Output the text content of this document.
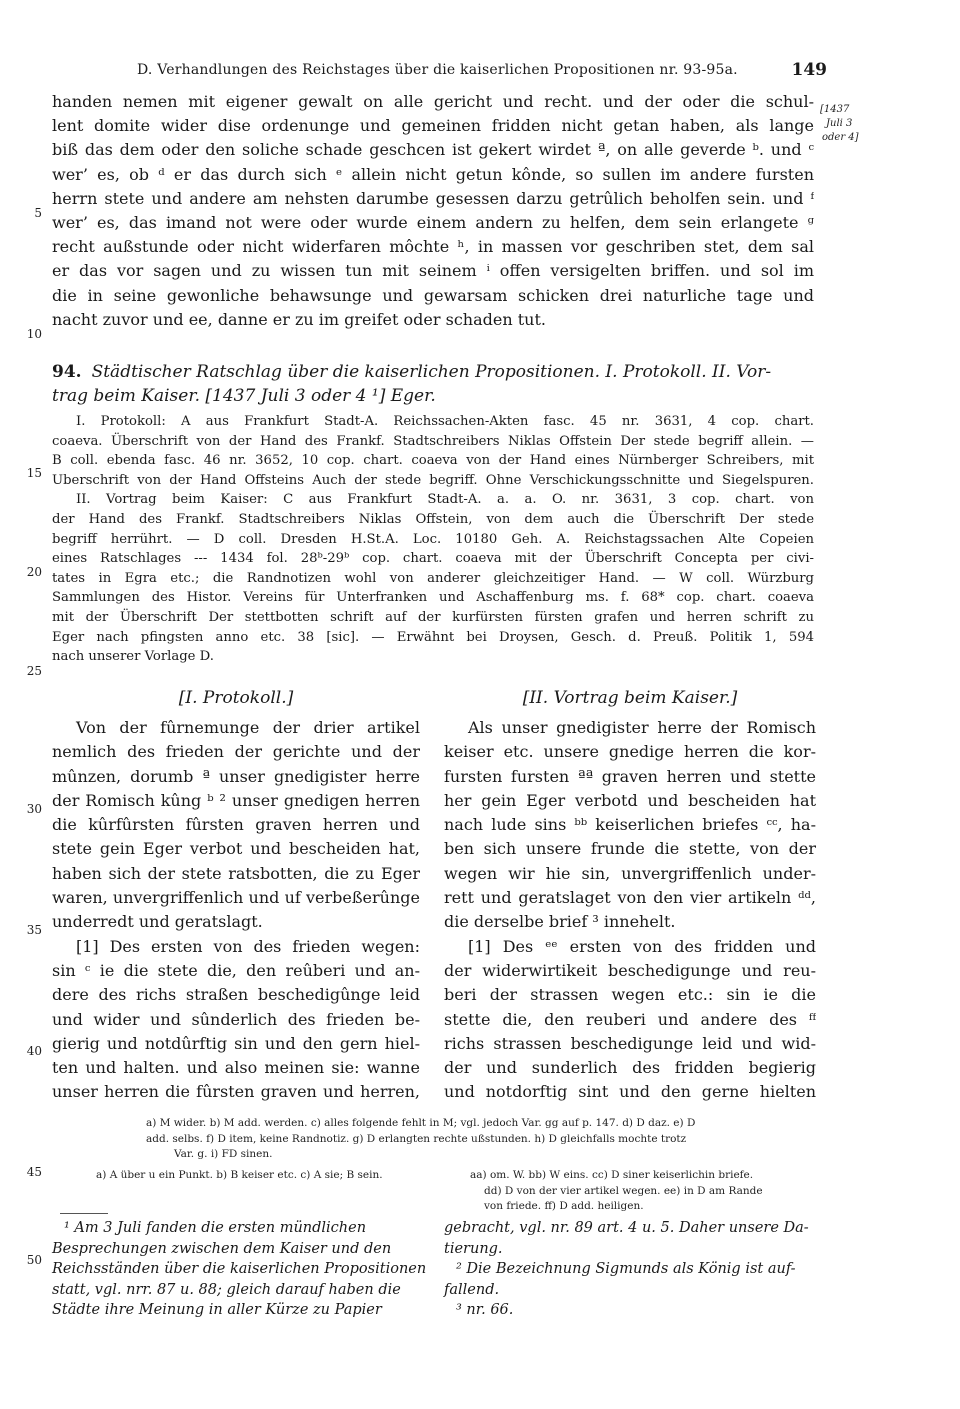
D. Verhandlungen des Reichstages über die kaiserlichen Propositionen nr. 93-95a.	149
[1437
Juli 3
oder 4]
5
10
15
20
25
30
35
40
45
50
handen nemen mit eigener gewalt on alle gericht und recht. und der oder die schul-
lent domite wider dise ordenunge und gemeinen fridden nicht getan haben, als lange
biß das dem oder den soliche schade geschcen ist gekert wirdet ª, on alle geverde ᵇ. und ᶜ
wer’ es, ob ᵈ er das durch sich ᵉ allein nicht getun kônde, so sullen im andere fursten
herrn stete und andere am nehsten darumbe gesessen darzu getrûlich beholfen sein. und ᶠ
wer’ es, das imand not were oder wurde einem andern zu helfen, dem sein erlangete ᵍ
recht außstunde oder nicht widerfaren môchte ʰ, in massen vor geschriben stet, dem sal
er das vor sagen und zu wissen tun mit seinem ⁱ offen versigelten briffen. und sol im
die in seine gewonliche behawsunge und gewarsam schicken drei naturliche tage und
nacht zuvor und ee, danne er zu im greifet oder schaden tut.
94. Städtischer Ratschlag über die kaiserlichen Propositionen. I. Protokoll. II. Vor-
trag beim Kaiser. [1437 Juli 3 oder 4 ¹] Eger.
I. Protokoll: A aus Frankfurt Stadt-A. Reichssachen-Akten fasc. 45 nr. 3631, 4 cop. chart.
coaeva. Überschrift von der Hand des Frankf. Stadtschreibers Niklas Offstein Der stede begriff allein. —
B coll. ebenda fasc. 46 nr. 3652, 10 cop. chart. coaeva von der Hand eines Nürnberger Schreibers, mit
Uberschrift von der Hand Offsteins Auch der stede begriff. Ohne Verschickungsschnitte und Siegelspuren.
II. Vortrag beim Kaiser: C aus Frankfurt Stadt-A. a. a. O. nr. 3631, 3 cop. chart. von
der Hand des Frankf. Stadtschreibers Niklas Offstein, von dem auch die Überschrift Der stede
begriff herrührt. — D coll. Dresden H.St.A. Loc. 10180 Geh. A. Reichstagssachen Alte Copeien
eines Ratschlages --- 1434 fol. 28ᵇ-29ᵇ cop. chart. coaeva mit der Überschrift Concepta per civi-
tates in Egra etc.; die Randnotizen wohl von anderer gleichzeitiger Hand. — W coll. Würzburg
Sammlungen des Histor. Vereins für Unterfranken und Aschaffenburg ms. f. 68* cop. chart. coaeva
mit der Überschrift Der stettbotten schrift auf der kurfürsten fürsten grafen und herren schrift zu
Eger nach pfingsten anno etc. 38 [sic]. — Erwähnt bei Droysen, Gesch. d. Preuß. Politik 1, 594
nach unserer Vorlage D.
[I. Protokoll.]	[II. Vortrag beim Kaiser.]
Von der fûrnemunge der drier artikel
nemlich des frieden der gerichte und der
mûnzen, dorumb ª unser gnedigister herre
der Romisch kûng ᵇ ² unser gnedigen herren
die kûrfûrsten fûrsten graven herren und
stete gein Eger verbot und bescheiden hat,
haben sich der stete ratsbotten, die zu Eger
waren, unvergriffenlich und uf verbeßerûnge
underredt und geratslagt.
[1] Des ersten von des frieden wegen:
sin ᶜ ie die stete die, den reûberi und an-
dere des richs straßen beschedigûnge leid
und wider und sûnderlich des frieden be-
gierig und notdûrftig sin und den gern hiel-
ten und halten. und also meinen sie: wanne
unser herren die fûrsten graven und herren,
Als unser gnedigister herre der Romisch
keiser etc. unsere gnedige herren die kor-
fursten fursten ªª graven herren und stette
her gein Eger verbotd und bescheiden hat
nach lude sins ᵇᵇ keiserlichen briefes ᶜᶜ, ha-
ben sich unsere frunde die stette, von der
wegen wir hie sin, unvergriffenlich under-
rett und geratslaget von den vier artikeln ᵈᵈ,
die derselbe brief ³ innehelt.
[1] Des ᵉᵉ ersten von des fridden und
der widerwirtikeit beschedigunge und reu-
beri der strassen wegen etc.: sin ie die
stette die, den reuberi und andere des ᶠᶠ
richs strassen beschedigunge leid und wid-
der und sunderlich des fridden begierig
und notdorftig sint und den gerne hielten
a) M wider. b) M add. werden. c) alles folgende fehlt in M; vgl. jedoch Var. gg auf p. 147. d) D daz. e) D
add. selbs. f) D item, keine Randnotiz. g) D erlangten rechte ußstunden. h) D gleichfalls mochte trotz
Var. g. i) FD sinen.
a) A über u ein Punkt. b) B keiser etc. c) A sie; B sein.	aa) om. W. bb) W eins. cc) D siner keiserlichin briefe.
dd) D von der vier artikel wegen. ee) in D am Rande
von friede. ff) D add. heiligen.
¹ Am 3 Juli fanden die ersten mündlichen
Besprechungen zwischen dem Kaiser und den
Reichsständen über die kaiserlichen Propositionen
statt, vgl. nrr. 87 u. 88; gleich darauf haben die
Städte ihre Meinung in aller Kürze zu Papier
gebracht, vgl. nr. 89 art. 4 u. 5. Daher unsere Da-
tierung.
² Die Bezeichnung Sigmunds als König ist auf-
fallend.
³ nr. 66.
